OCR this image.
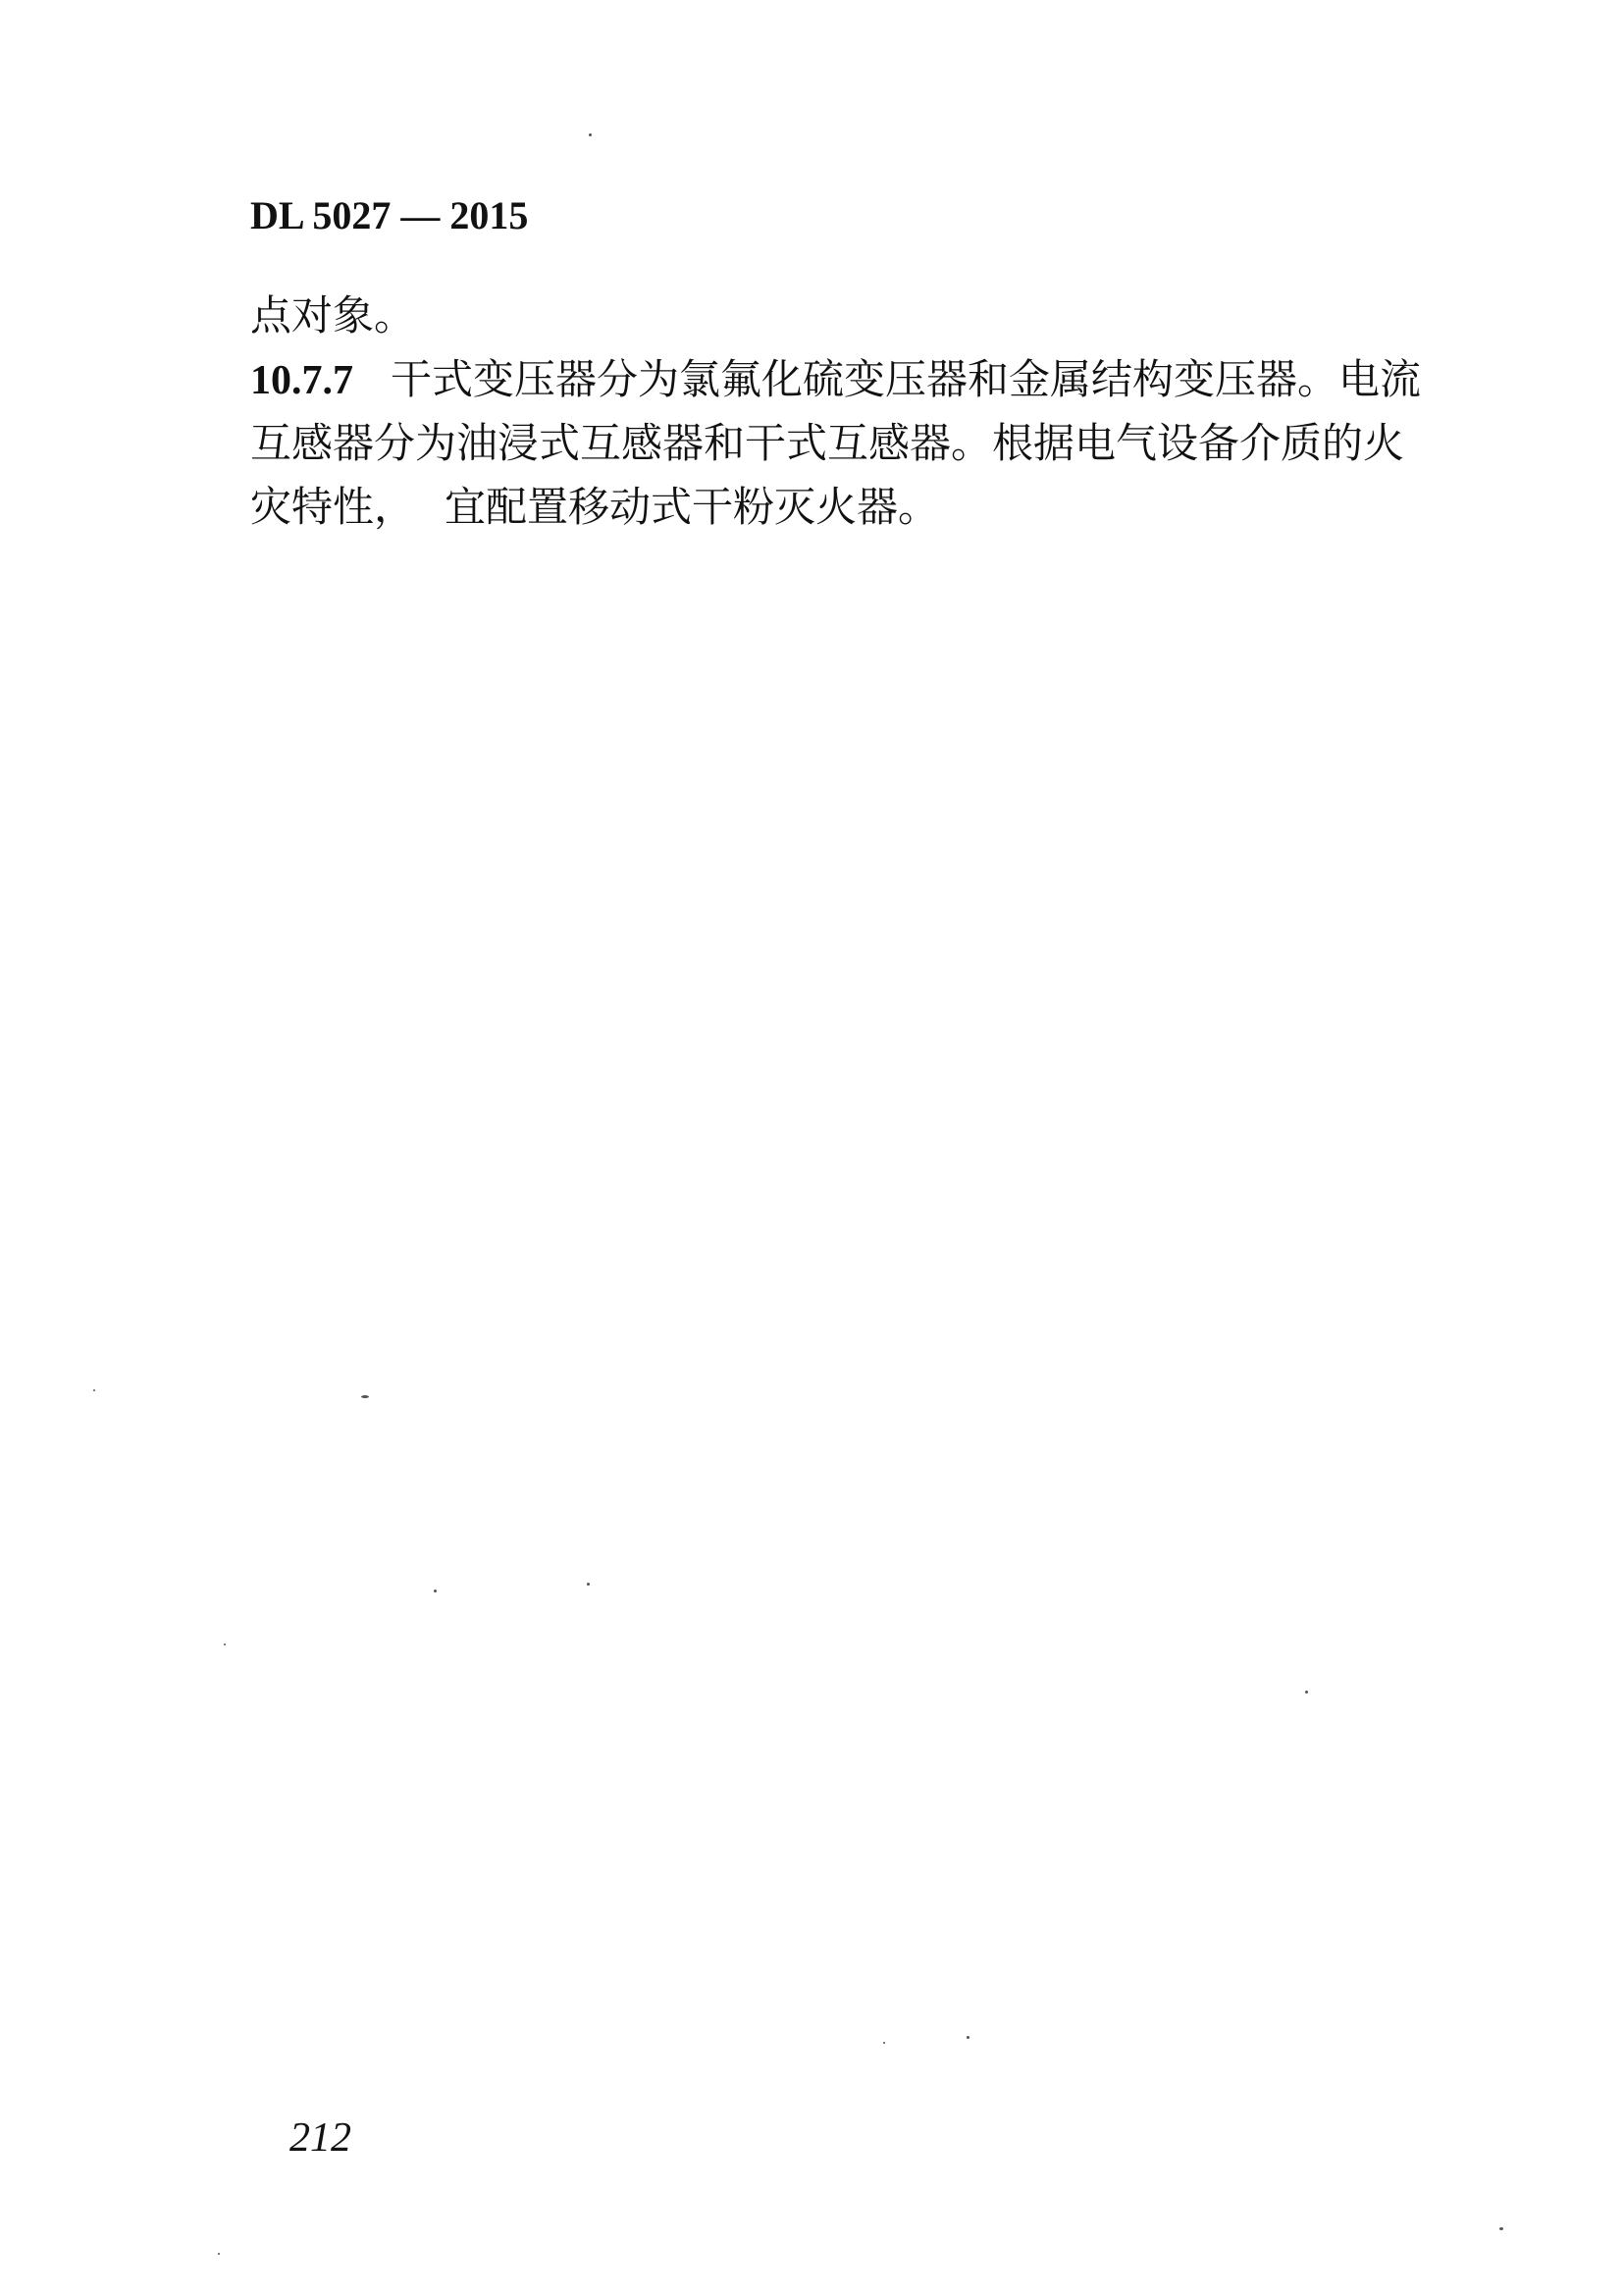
DL 5027 — 2015
点对象。
10.7.7 干式变压器分为氯氟化硫变压器和金属结构变压器。电流
互感器分为油浸式互感器和干式互感器。根据电气设备介质的火
灾特性， 宜配置移动式干粉灭火器。
212
